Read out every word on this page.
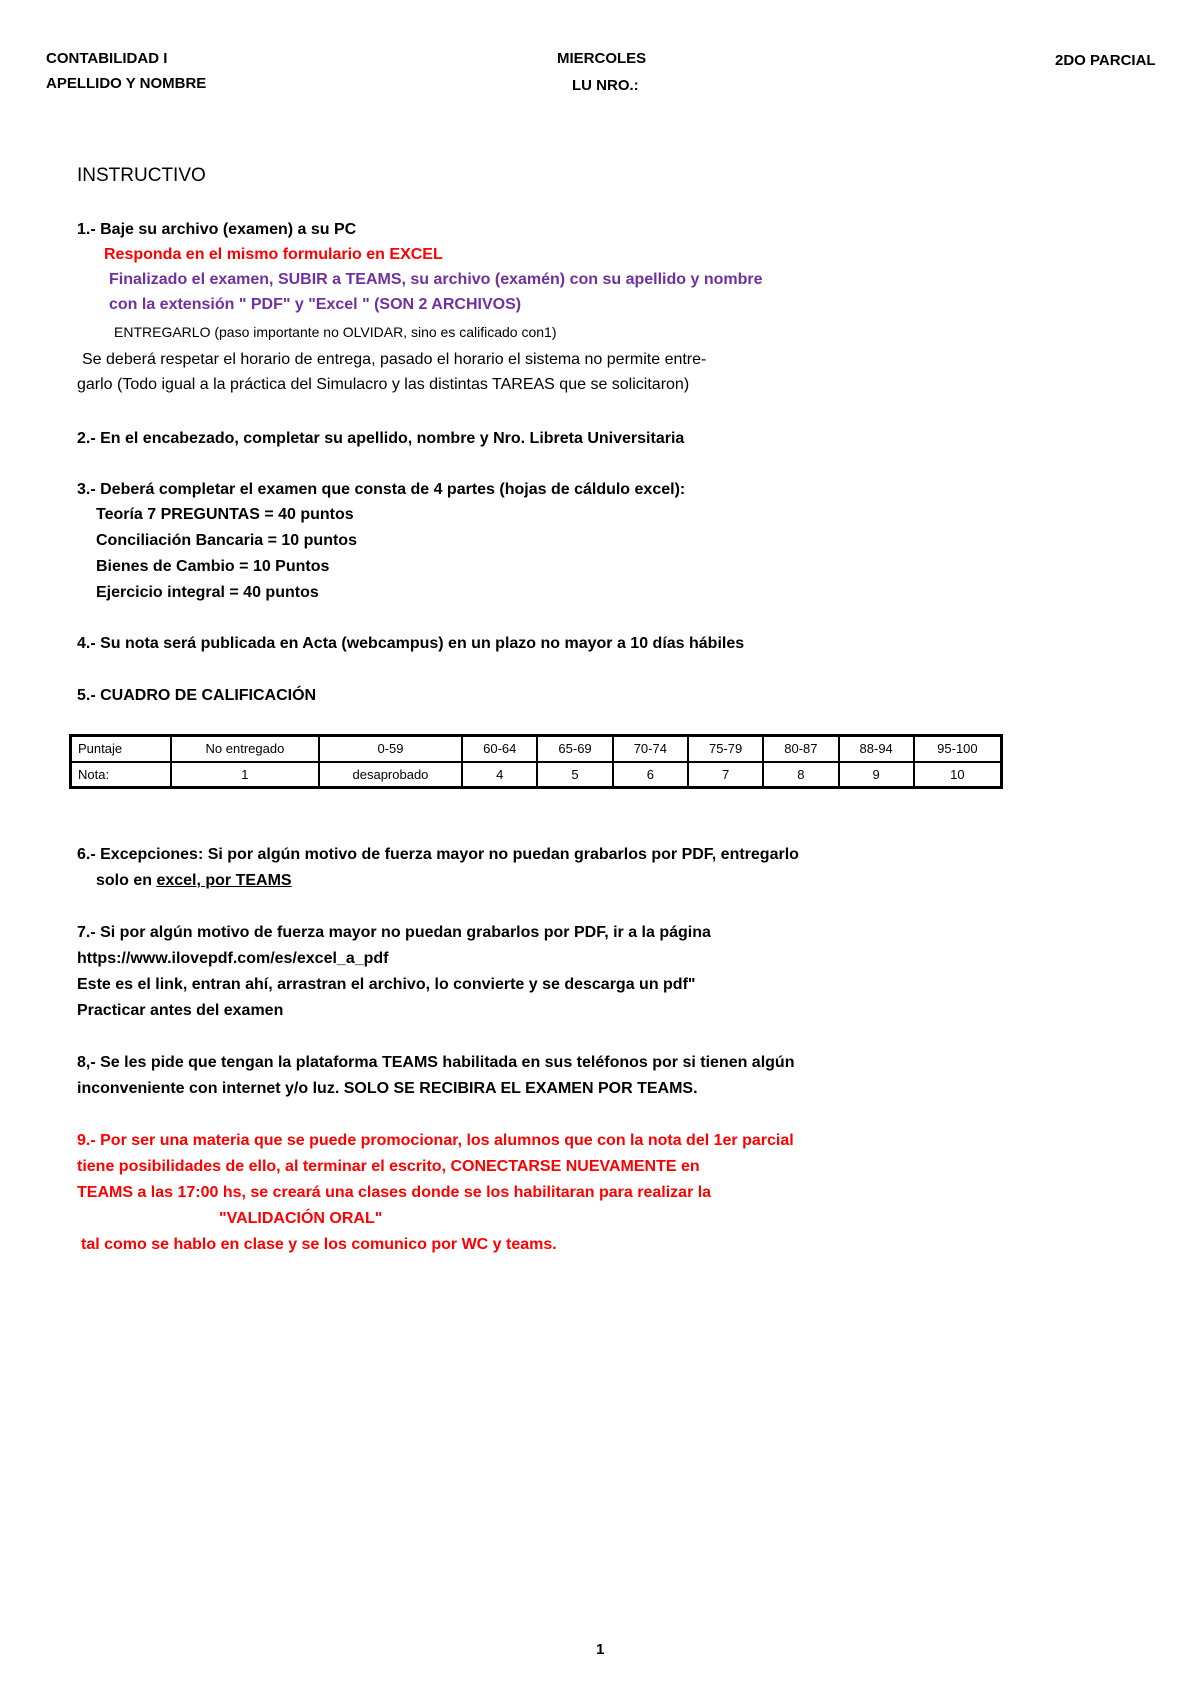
CONTABILIDAD I
APELLIDO Y NOMBRE
MIERCOLES
LU NRO.:
2DO PARCIAL
INSTRUCTIVO
1.- Baje su archivo (examen) a su PC
Responda en el mismo formulario en EXCEL
Finalizado el examen, SUBIR a TEAMS, su archivo (examén) con su apellido y nombre
con la extensión " PDF" y "Excel " (SON 2 ARCHIVOS)
ENTREGARLO (paso importante no OLVIDAR, sino es calificado con1)
Se deberá respetar el horario de entrega, pasado el horario el sistema no permite entre-
garlo (Todo igual a la práctica del Simulacro y las distintas TAREAS que se solicitaron)
2.- En el encabezado, completar su apellido, nombre y Nro. Libreta Universitaria
3.- Deberá completar el examen que consta de 4 partes (hojas de cáldulo excel):
Teoría 7 PREGUNTAS = 40 puntos
Conciliación Bancaria = 10 puntos
Bienes de Cambio = 10 Puntos
Ejercicio integral = 40 puntos
4.- Su nota será publicada en Acta (webcampus) en un plazo no mayor a 10 días hábiles
5.- CUADRO DE CALIFICACIÓN
Puntaje	No entregado	0-59	60-64	65-69	70-74	75-79	80-87	88-94	95-100
Nota:	1	desaprobado	4	5	6	7	8	9	10
6.- Excepciones: Si por algún motivo de fuerza mayor no puedan grabarlos por PDF, entregarlo
solo en excel, por TEAMS
7.- Si por algún motivo de fuerza mayor no puedan grabarlos por PDF, ir a la página
https://www.ilovepdf.com/es/excel_a_pdf
Este es el link, entran ahí, arrastran el archivo, lo convierte y se descarga un pdf"
Practicar antes del examen
8,- Se les pide que tengan la plataforma TEAMS habilitada en sus teléfonos por si tienen algún
inconveniente con internet y/o luz. SOLO SE RECIBIRA EL EXAMEN POR TEAMS.
9.- Por ser una materia que se puede promocionar, los alumnos que con la nota del 1er parcial
tiene posibilidades de ello, al terminar el escrito, CONECTARSE NUEVAMENTE en
TEAMS a las 17:00 hs, se creará una clases donde se los habilitaran para realizar la
"VALIDACIÓN ORAL"
tal como se hablo en clase y se los comunico por WC y teams.
1
